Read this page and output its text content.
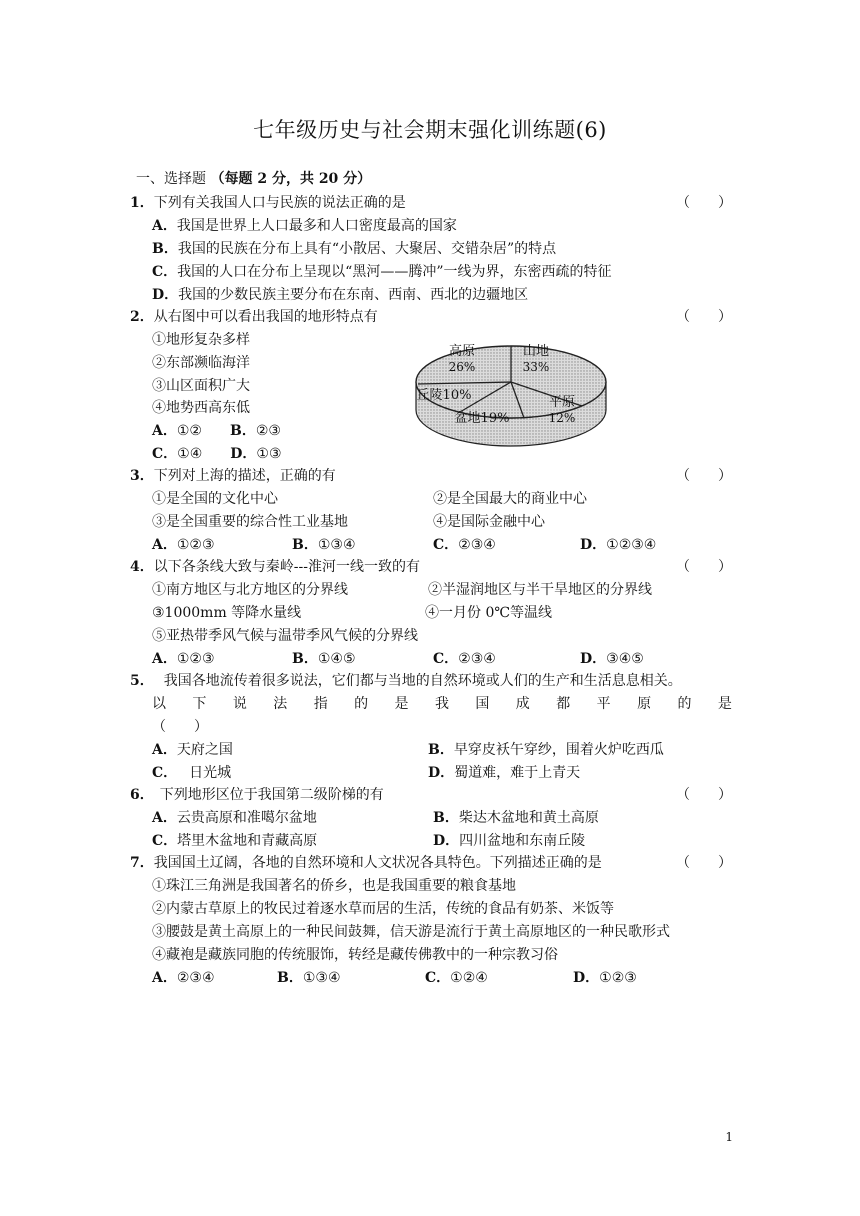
七年级历史与社会期末强化训练题(6)
一、选择题 （每题 2 分，共 20 分）
1．下列有关我国人口与民族的说法正确的是	（　　）
A．我国是世界上人口最多和人口密度最高的国家
B．我国的民族在分布上具有“小散居、大聚居、交错杂居”的特点
C．我国的人口在分布上呈现以“黑河——腾冲”一线为界，东密西疏的特征
D．我国的少数民族主要分布在东南、西南、西北的边疆地区
2．从右图中可以看出我国的地形特点有	（　　）
①地形复杂多样
②东部濒临海洋
③山区面积广大
④地势西高东低
A．①② B．②③
C．①④ D．①③
高原
26%
山地
33%
平原
12%
盆地19%
丘陵10%
3．下列对上海的描述，正确的有	（　　）
①是全国的文化中心	②是全国最大的商业中心
③是全国重要的综合性工业基地	④是国际金融中心
A．①②③	B．①③④	C．②③④	D．①②③④
4．以下各条线大致与秦岭---淮河一线一致的有	（　　）
①南方地区与北方地区的分界线	②半湿润地区与半干旱地区的分界线
③1000mm 等降水量线	④一月份 0℃等温线
⑤亚热带季风气候与温带季风气候的分界线
A．①②③	B．①④⑤	C．②③④	D．③④⑤
5． 我国各地流传着很多说法，它们都与当地的自然环境或人们的生产和生活息息相关。
以 下 说 法 指 的 是 我 国 成 都 平 原 的 是
（　　）
A．天府之国	B．早穿皮袄午穿纱，围着火炉吃西瓜
C． 日光城	D．蜀道难，难于上青天
6． 下列地形区位于我国第二级阶梯的有	（　　）
A．云贵高原和准噶尔盆地	B．柴达木盆地和黄土高原
C．塔里木盆地和青藏高原	D．四川盆地和东南丘陵
7．我国国土辽阔，各地的自然环境和人文状况各具特色。下列描述正确的是	（　　）
①珠江三角洲是我国著名的侨乡，也是我国重要的粮食基地
②内蒙古草原上的牧民过着逐水草而居的生活，传统的食品有奶茶、米饭等
③腰鼓是黄土高原上的一种民间鼓舞，信天游是流行于黄土高原地区的一种民歌形式
④藏袍是藏族同胞的传统服饰，转经是藏传佛教中的一种宗教习俗
A．②③④	B．①③④	C．①②④	D．①②③
1
